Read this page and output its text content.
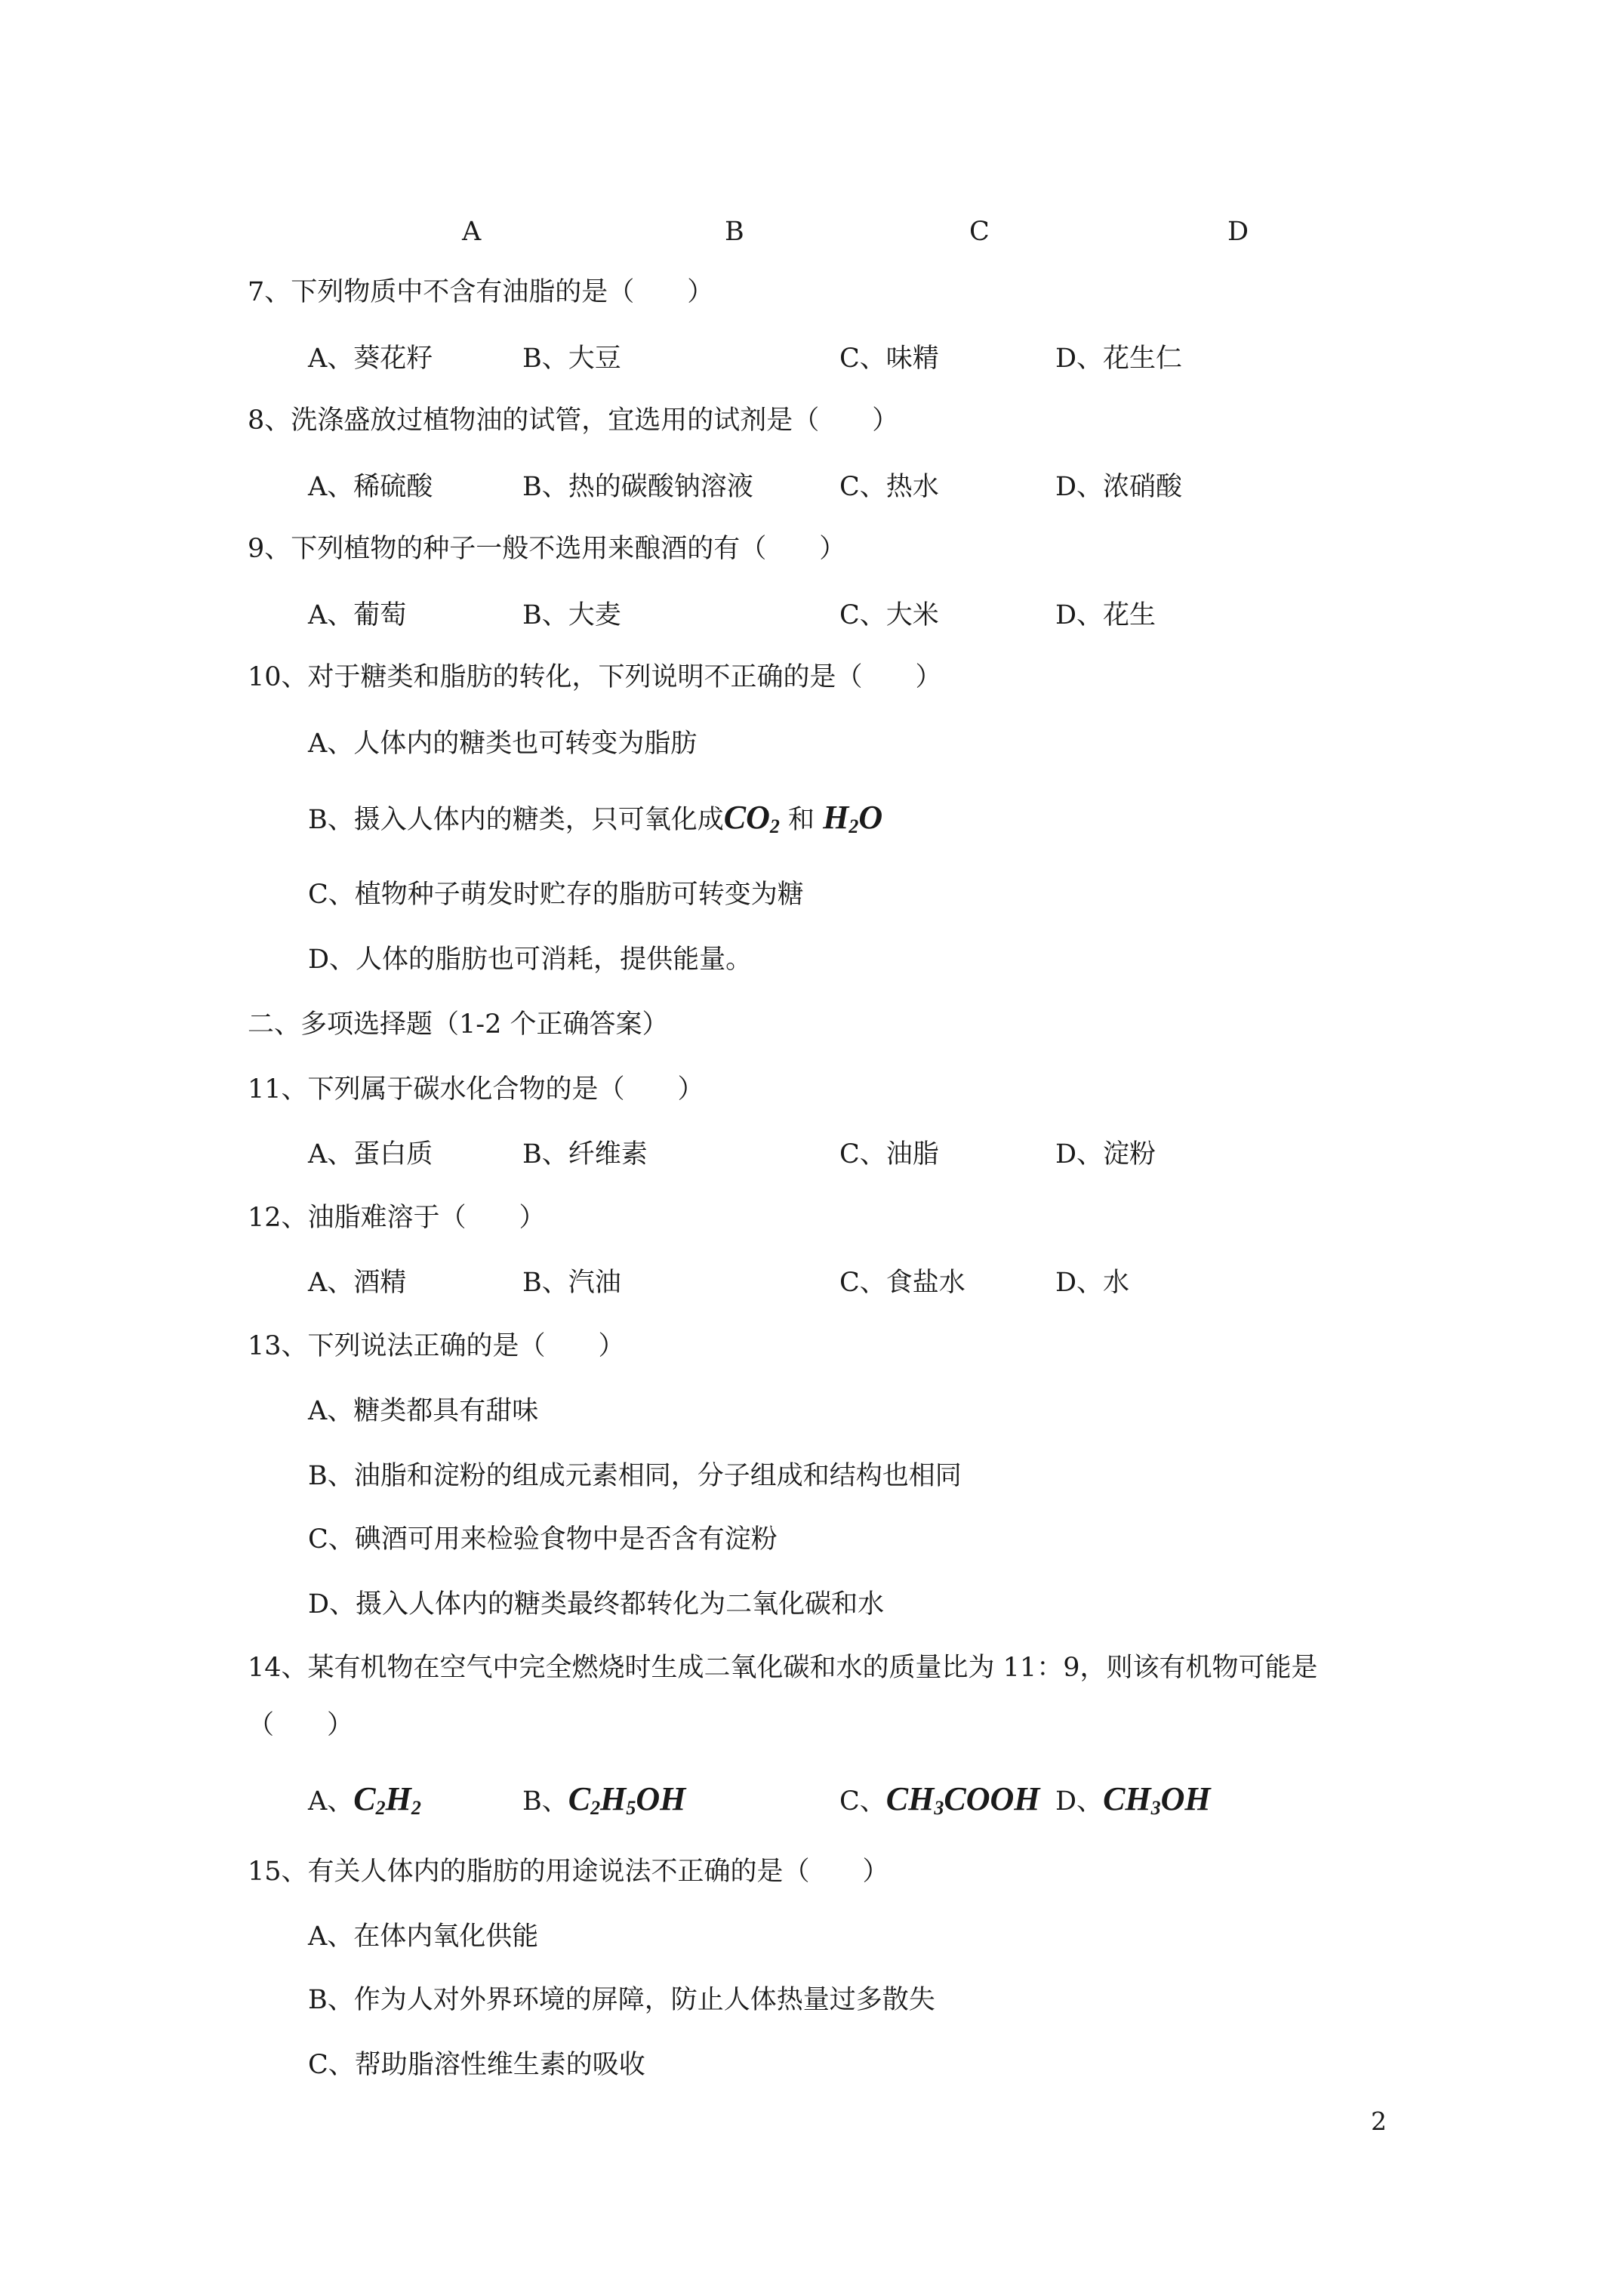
A	B	C	D
7、下列物质中不含有油脂的是（　　）
A、葵花籽	B、大豆	C、味精	D、花生仁
8、洗涤盛放过植物油的试管，宜选用的试剂是（　　）
A、稀硫酸	B、热的碳酸钠溶液	C、热水	D、浓硝酸
9、下列植物的种子一般不选用来酿酒的有（　　）
A、葡萄	B、大麦	C、大米	D、花生
10、对于糖类和脂肪的转化，下列说明不正确的是（　　）
A、人体内的糖类也可转变为脂肪
B、摄入人体内的糖类，只可氧化成$CO_2$ 和 $H_2O$
C、植物种子萌发时贮存的脂肪可转变为糖
D、人体的脂肪也可消耗，提供能量。
二、多项选择题（1-2 个正确答案）
11、下列属于碳水化合物的是（　　）
A、蛋白质	B、纤维素	C、油脂	D、淀粉
12、油脂难溶于（　　）
A、酒精	B、汽油	C、食盐水	D、水
13、下列说法正确的是（　　）
A、糖类都具有甜味
B、油脂和淀粉的组成元素相同，分子组成和结构也相同
C、碘酒可用来检验食物中是否含有淀粉
D、摄入人体内的糖类最终都转化为二氧化碳和水
14、某有机物在空气中完全燃烧时生成二氧化碳和水的质量比为 11：9，则该有机物可能是
（　　）
A、$C_2H_2$	B、$C_2H_5OH$	C、$CH_3COOH$ D、$CH_3OH$
15、有关人体内的脂肪的用途说法不正确的是（　　）
A、在体内氧化供能
B、作为人对外界环境的屏障，防止人体热量过多散失
C、帮助脂溶性维生素的吸收
2
